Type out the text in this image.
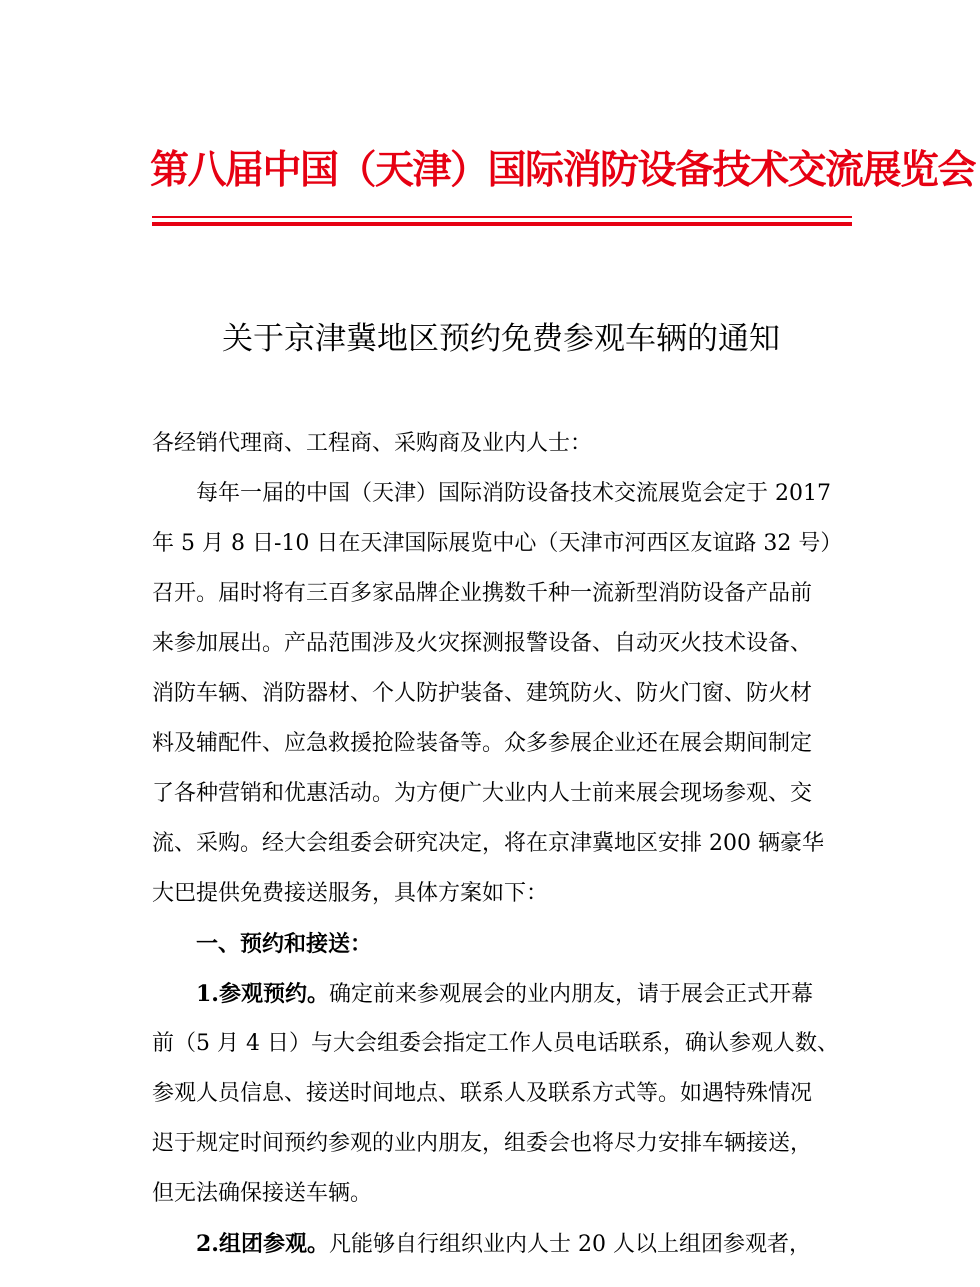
第八届中国（天津）国际消防设备技术交流展览会
关于京津冀地区预约免费参观车辆的通知
各经销代理商、工程商、采购商及业内人士：
每年一届的中国（天津）国际消防设备技术交流展览会定于 2017
年 5 月 8 日-10 日在天津国际展览中心（天津市河西区友谊路 32 号）
召开。届时将有三百多家品牌企业携数千种一流新型消防设备产品前
来参加展出。产品范围涉及火灾探测报警设备、自动灭火技术设备、
消防车辆、消防器材、个人防护装备、建筑防火、防火门窗、防火材
料及辅配件、应急救援抢险装备等。众多参展企业还在展会期间制定
了各种营销和优惠活动。为方便广大业内人士前来展会现场参观、交
流、采购。经大会组委会研究决定，将在京津冀地区安排 200 辆豪华
大巴提供免费接送服务，具体方案如下：
一、预约和接送：
1.参观预约。确定前来参观展会的业内朋友，请于展会正式开幕
前（5 月 4 日）与大会组委会指定工作人员电话联系，确认参观人数、
参观人员信息、接送时间地点、联系人及联系方式等。如遇特殊情况
迟于规定时间预约参观的业内朋友，组委会也将尽力安排车辆接送，
但无法确保接送车辆。
2.组团参观。凡能够自行组织业内人士 20 人以上组团参观者，
